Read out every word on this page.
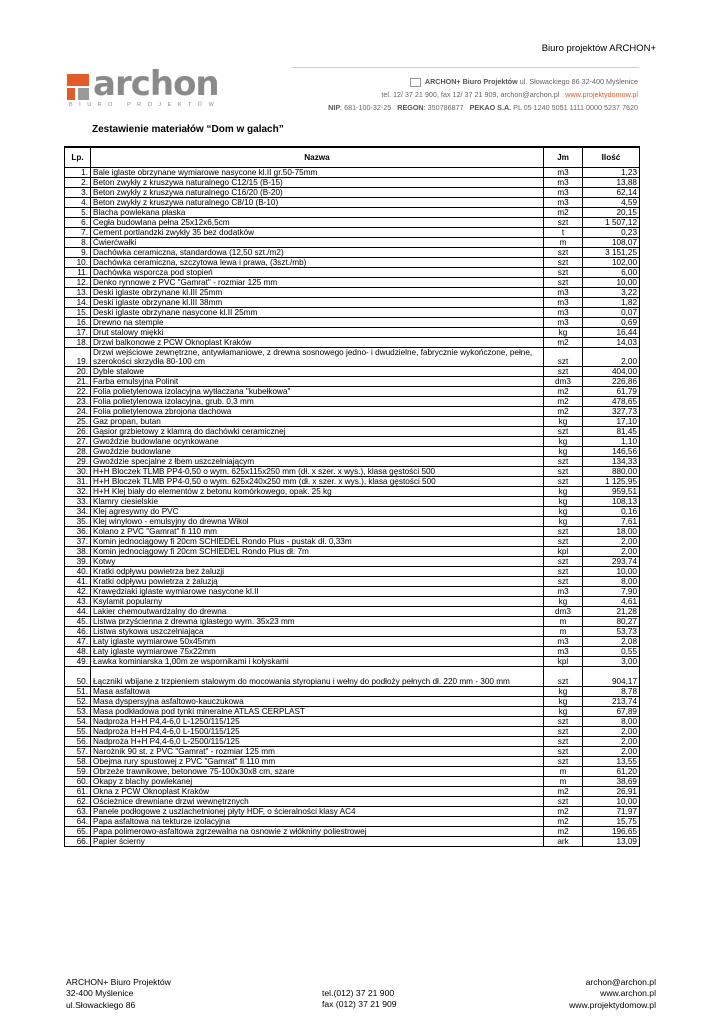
Biuro projektów ARCHON+
archon
BIURO PROJEKTÓW
ARCHON+ Biuro Projektów ul. Słowackiego 86 32-400 Myślenice
tel. 12/ 37 21 900, fax 12/ 37 21 909, archon@archon.pl www.projektydomow.pl
NIP: 681-100-32-25 REGON: 350786877 PEKAO S.A. PL 05 1240 5051 1111 0000 5237 7620
Zestawienie materiałów “Dom w galach”
Lp.	Nazwa	Jm	Ilość
1.	Bale iglaste obrzynane wymiarowe nasycone kl.II gr.50-75mm	m3	1,23
2.	Beton zwykły z kruszywa naturalnego C12/15 (B-15)	m3	13,88
3.	Beton zwykły z kruszywa naturalnego C16/20 (B-20)	m3	62,14
4.	Beton zwykły z kruszywa naturalnego C8/10 (B-10)	m3	4,59
5.	Blacha powlekana płaska	m2	20,15
6.	Cegła budowlana pełna 25x12x6,5cm	szt	1 507,12
7.	Cement portlandzki zwykły 35 bez dodatków	t	0,23
8.	Ćwierćwałki	m	108,07
9.	Dachówka ceramiczna, standardowa (12,50 szt./m2)	szt	3 151,25
10.	Dachówka ceramiczna, szczytowa lewa i prawa, (3szt./mb)	szt	102,00
11.	Dachówka wsporcza pod stopień	szt	6,00
12.	Denko rynnowe z PVC "Gamrat" - rozmiar 125 mm	szt	10,00
13.	Deski iglaste obrzynane kl.III 25mm	m3	3,22
14.	Deski iglaste obrzynane kl.III 38mm	m3	1,82
15.	Deski iglaste obrzynane nasycone kl.II 25mm	m3	0,07
16.	Drewno na stemple	m3	0,69
17.	Drut stalowy miękki	kg	16,44
18.	Drzwi balkonowe z PCW Oknoplast Kraków	m2	14,03
19.	Drzwi wejściowe zewnętrzne, antywłamaniowe, z drewna sosnowego jedno- i dwudzielne, fabrycznie wykończone, pełne, szerokości skrzydła 80-100 cm	szt	2,00
20.	Dyble stalowe	szt	404,00
21.	Farba emulsyjna Polinit	dm3	226,86
22.	Folia polietylenowa izolacyjna wytłaczana "kubełkowa"	m2	61,79
23.	Folia polietylenowa izolacyjna, grub. 0,3 mm	m2	478,65
24.	Folia polietylenowa zbrojona dachowa	m2	327,73
25.	Gaz propan, butan	kg	17,10
26.	Gąsior grzbietowy z klamrą do dachówki ceramicznej	szt	81,45
27.	Gwoździe budowlane ocynkowane	kg	1,10
28.	Gwoździe budowlane	kg	146,56
29.	Gwoździe specjalne z łbem uszczelniającym	szt	134,33
30.	H+H Bloczek TLMB PP4-0,50 o wym. 625x115x250 mm (dł. x szer. x wys.), klasa gęstości 500	szt	880,00
31.	H+H Bloczek TLMB PP4-0,50 o wym. 625x240x250 mm (dł. x szer. x wys.), klasa gęstości 500	szt	1 125,95
32.	H+H Klej biały do elementów z betonu komórkowego, opak. 25 kg	kg	959,51
33.	Klamry ciesielskie	kg	108,13
34.	Klej agresywny do PVC	kg	0,16
35.	Klej winylowo - emulsyjny do drewna Wikol	kg	7,61
36.	Kolano z PVC "Gamrat" fi 110 mm	szt	18,00
37.	Komin jednociągowy fi 20cm SCHIEDEL Rondo Plus - pustak dł. 0,33m	szt	2,00
38.	Komin jednociągowy fi 20cm SCHIEDEL Rondo Plus dł. 7m	kpl	2,00
39.	Kotwy	szt	293,74
40.	Kratki odpływu powietrza bez żaluzji	szt	10,00
41.	Kratki odpływu powietrza z żaluzją	szt	8,00
42.	Krawędziaki iglaste wymiarowe nasycone kl.II	m3	7,90
43.	Ksylamit popularny	kg	4,61
44.	Lakier chemoutwardzalny do drewna	dm3	21,28
45.	Listwa przyścienna z drewna iglastego wym. 35x23 mm	m	80,27
46.	Listwa stykowa uszczelniająca	m	53,73
47.	Łaty iglaste wymiarowe 50x45mm	m3	2,08
48.	Łaty iglaste wymiarowe 75x22mm	m3	0,55
49.	Ławka kominiarska 1,00m ze wspornikami i kołyskami	kpl	3,00
50.	Łączniki wbijane z trzpieniem stalowym do mocowania styropianu i wełny do podłoży pełnych dł. 220 mm - 300 mm	szt	904,17
51.	Masa asfaltowa	kg	8,78
52.	Masa dyspersyjna asfaltowo-kauczukowa	kg	213,74
53.	Masa podkładowa pod tynki mineralne ATLAS CERPLAST	kg	67,89
54.	Nadproża H+H P4,4-6,0 L-1250/115/125	szt	8,00
55.	Nadproża H+H P4,4-6,0 L-1500/115/125	szt	2,00
56.	Nadproża H+H P4,4-6,0 L-2500/115/125	szt	2,00
57.	Narożnik 90 st. z PVC "Gamrat" - rozmiar 125 mm	szt	2,00
58.	Obejma rury spustowej z PVC "Gamrat" fi 110 mm	szt	13,55
59.	Obrzeże trawnikowe, betonowe 75-100x30x8 cm, szare	m	61,20
60.	Okapy z blachy powlekanej	m	38,69
61.	Okna z PCW Oknoplast Kraków	m2	26,91
62.	Ościeżnice drewniane drzwi wewnętrznych	szt	10,00
63.	Panele podłogowe z uszlachetnionej płyty HDF, o ścieralności klasy AC4	m2	71,97
64.	Papa asfaltowa na tekturze izolacyjna	m2	15,75
65.	Papa polimerowo-asfaltowa zgrzewalna na osnowie z włókniny poliestrowej	m2	196,65
66.	Papier ścierny	ark	13,09
ARCHON+ Biuro Projektów
32-400 Myślenice
ul.Słowackiego 86
tel.(012) 37 21 900
fax (012) 37 21 909
archon@archon.pl
www.archon.pl
www.projektydomow.pl
